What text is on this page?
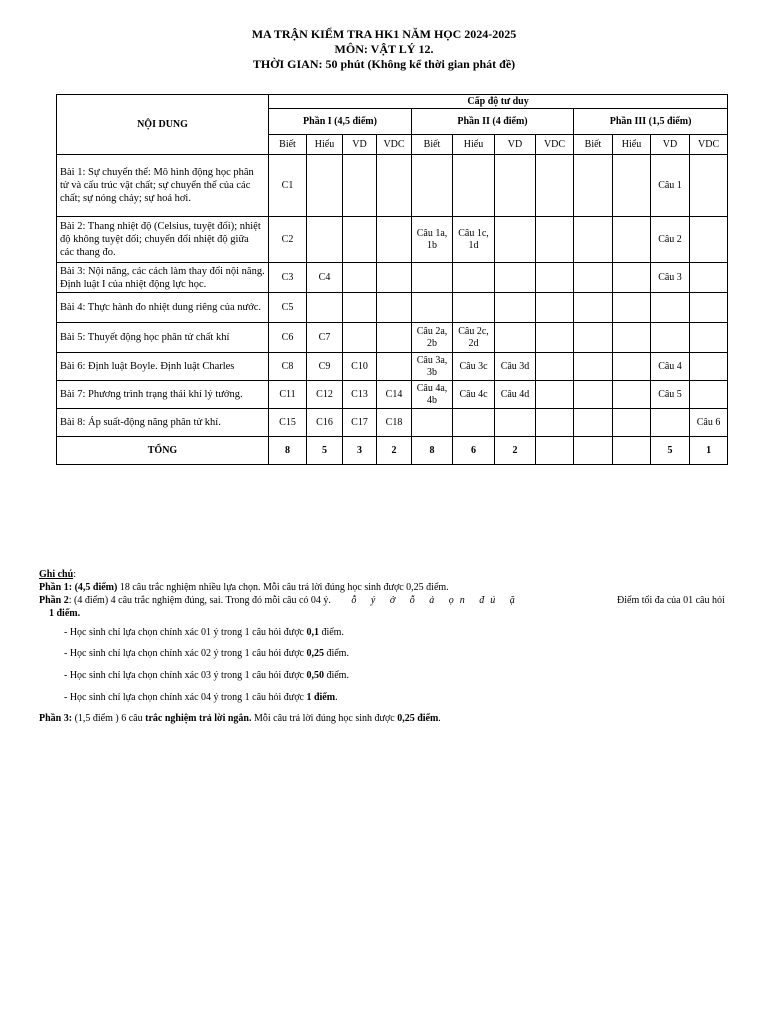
MA TRẬN KIỂM TRA HK1 NĂM HỌC 2024-2025
MÔN: VẬT LÝ 12.
THỜI GIAN: 50 phút (Không kể thời gian phát đề)
NỘI DUNG	Cấp độ tư duy											
	Phần I (4,5 điểm)				Phần II (4 điểm)				Phần III (1,5 điểm)			
	Biết	Hiểu	VD	VDC	Biết	Hiểu	VD	VDC	Biết	Hiểu	VD	VDC
Bài 1: Sự chuyển thể: Mô hình động học phân tử và cấu trúc vật chất; sự chuyển thể của các chất; sự nóng chảy; sự hoá hơi.	C1										Câu 1	
Bài 2: Thang nhiệt độ (Celsius, tuyệt đối); nhiệt độ không tuyệt đối; chuyển đổi nhiệt độ giữa các thang đo.	C2				Câu 1a, 1b	Câu 1c, 1d					Câu 2	
Bài 3: Nội năng, các cách làm thay đổi nội năng. Định luật I của nhiệt động lực học.	C3	C4									Câu 3	
Bài 4: Thực hành đo nhiệt dung riêng của nước.	C5											
Bài 5: Thuyết động học phân tử chất khí	C6	C7			Câu 2a, 2b	Câu 2c, 2d						
Bài 6: Định luật Boyle. Định luật Charles	C8	C9	C10		Câu 3a, 3b	Câu 3c	Câu 3d				Câu 4	
Bài 7: Phương trình trạng thái khí lý tưởng.	C11	C12	C13	C14	Câu 4a, 4b	Câu 4c	Câu 4d				Câu 5	
Bài 8: Áp suất-động năng phân tử khí.	C15	C16	C17	C18								Câu 6
TỔNG	8	5	3	2	8	6	2				5	1
Ghi chú:
Phần 1: (4,5 điểm) 18 câu trắc nghiệm nhiều lựa chọn. Mỗi câu trả lời đúng học sinh được 0,25 điểm.
Phần 2: (4 điểm) 4 câu trắc nghiệm đúng, sai. Trong đó mỗi câu có 04 ý. ỗ ý ở ỗ ả ọn đú ặ	Điểm tối đa của 01 câu hỏi
1 điểm.
- Học sinh chỉ lựa chọn chính xác 01 ý trong 1 câu hỏi được 0,1 điểm.
- Học sinh chỉ lựa chọn chính xác 02 ý trong 1 câu hỏi được 0,25 điểm.
- Học sinh chỉ lựa chọn chính xác 03 ý trong 1 câu hỏi được 0,50 điểm.
- Học sinh chỉ lựa chọn chính xác 04 ý trong 1 câu hỏi được 1 điểm.
Phần 3: (1,5 điểm ) 6 câu trắc nghiệm trả lời ngắn. Mỗi câu trả lời đúng học sinh được 0,25 điểm.
